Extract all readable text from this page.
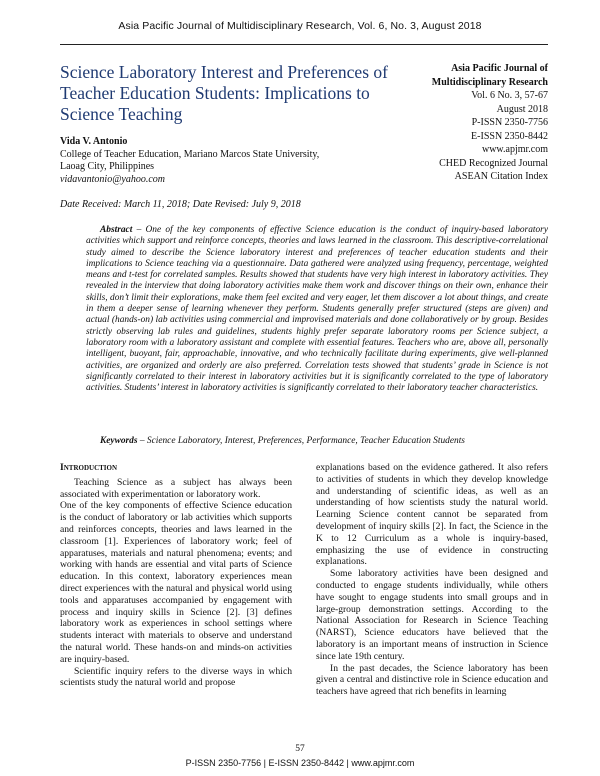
Asia Pacific Journal of Multidisciplinary Research, Vol. 6, No. 3, August 2018
Science Laboratory Interest and Preferences of Teacher Education Students: Implications to Science Teaching
Asia Pacific Journal of Multidisciplinary Research
Vol. 6 No. 3, 57-67
August 2018
P-ISSN 2350-7756
E-ISSN 2350-8442
www.apjmr.com
CHED Recognized Journal
ASEAN Citation Index
Vida V. Antonio
College of Teacher Education, Mariano Marcos State University,
Laoag City, Philippines
vidavantonio@yahoo.com
Date Received: March 11, 2018; Date Revised: July 9, 2018

Abstract – One of the key components of effective Science education is the conduct of inquiry-based laboratory activities which support and reinforce concepts, theories and laws learned in the classroom. This descriptive-correlational study aimed to describe the Science laboratory interest and preferences of teacher education students and their implications to Science teaching via a questionnaire. Data gathered were analyzed using frequency, percentage, weighted means and t-test for correlated samples. Results showed that students have very high interest in laboratory activities. They revealed in the interview that doing laboratory activities make them work and discover things on their own, enhance their skills, don’t limit their explorations, make them feel excited and very eager, let them discover a lot about things, and create in them a deeper sense of learning whenever they perform. Students generally prefer structured (steps are given) and actual (hands-on) lab activities using commercial and improvised materials and done collaboratively or by group. Besides strictly observing lab rules and guidelines, students highly prefer separate laboratory rooms per Science subject, a laboratory room with a laboratory assistant and complete with essential features. Teachers who are, above all, personally intelligent, buoyant, fair, approachable, innovative, and who technically facilitate during experiments, give well-planned activities, are organized and orderly are also preferred. Correlation tests showed that students’ grade in Science is not significantly correlated to their interest in laboratory activities but it is significantly correlated to the type of laboratory activities. Students’ interest in laboratory activities is significantly correlated to their laboratory teacher characteristics.

Keywords – Science Laboratory, Interest, Preferences, Performance, Teacher Education Students
Introduction

Teaching Science as a subject has always been associated with experimentation or laboratory work.

One of the key components of effective Science education is the conduct of laboratory or lab activities which supports and reinforces concepts, theories and laws learned in the classroom [1]. Experiences of laboratory work; feel of apparatuses, materials and natural phenomena; events; and working with hands are essential and vital parts of Science education. In this context, laboratory experiences mean direct experiences with the natural and physical world using tools and apparatuses accompanied by engagement with process and inquiry skills in Science [2]. [3] defines laboratory work as experiences in school settings where students interact with materials to observe and understand the natural world. These hands-on and minds-on activities are inquiry-based.

Scientific inquiry refers to the diverse ways in which scientists study the natural world and propose

explanations based on the evidence gathered. It also refers to activities of students in which they develop knowledge and understanding of scientific ideas, as well as an understanding of how scientists study the natural world. Learning Science content cannot be separated from development of inquiry skills [2]. In fact, the Science in the K to 12 Curriculum as a whole is inquiry-based, emphasizing the use of evidence in constructing explanations.

Some laboratory activities have been designed and conducted to engage students individually, while others have sought to engage students into small groups and in large-group demonstration settings. According to the National Association for Research in Science Teaching (NARST), Science educators have believed that the laboratory is an important means of instruction in Science since late 19th century.

In the past decades, the Science laboratory has been given a central and distinctive role in Science education and teachers have agreed that rich benefits in learning

57
P-ISSN 2350-7756 | E-ISSN 2350-8442 | www.apjmr.com
